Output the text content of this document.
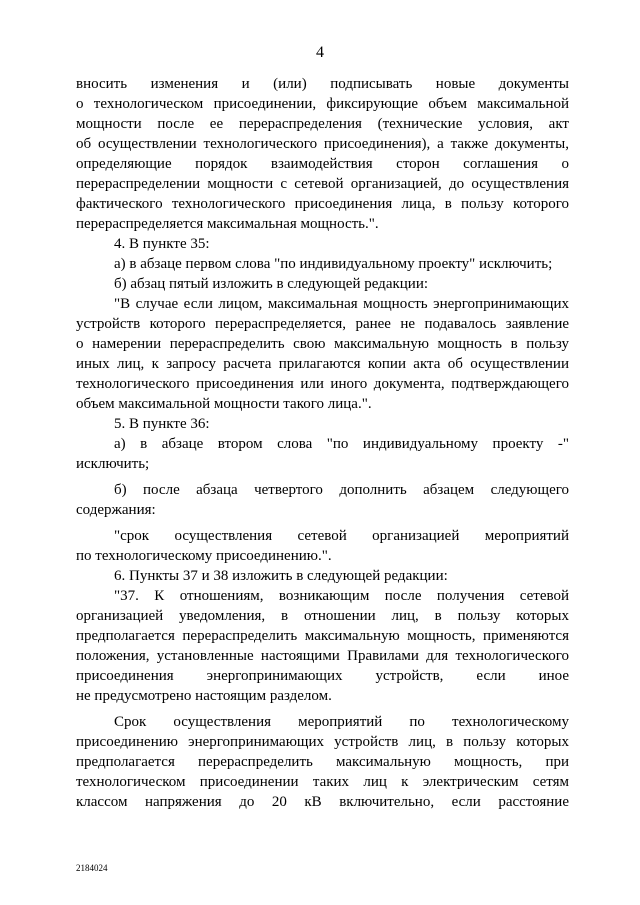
4

вносить изменения и (или) подписывать новые документы

о технологическом присоединении, фиксирующие объем максимальной

мощности после ее перераспределения (технические условия, акт

об осуществлении технологического присоединения), а также документы,

определяющие порядок взаимодействия сторон соглашения о

перераспределении мощности с сетевой организацией, до осуществления

фактического технологического присоединения лица, в пользу которого

перераспределяется максимальная мощность.".

4. В пункте 35:

а) в абзаце первом слова "по индивидуальному проекту" исключить;

б) абзац пятый изложить в следующей редакции:

"В случае если лицом, максимальная мощность энергопринимающих

устройств которого перераспределяется, ранее не подавалось заявление

о намерении перераспределить свою максимальную мощность в пользу

иных лиц, к запросу расчета прилагаются копии акта об осуществлении

технологического присоединения или иного документа, подтверждающего

объем максимальной мощности такого лица.".

5. В пункте 36:

а) в абзаце втором слова "по индивидуальному проекту -"

исключить;

б) после абзаца четвертого дополнить абзацем следующего

содержания:

"срок осуществления сетевой организацией мероприятий

по технологическому присоединению.".

6. Пункты 37 и 38 изложить в следующей редакции:

"37. К отношениям, возникающим после получения сетевой

организацией уведомления, в отношении лиц, в пользу которых

предполагается перераспределить максимальную мощность, применяются

положения, установленные настоящими Правилами для технологического

присоединения энергопринимающих устройств, если иное

не предусмотрено настоящим разделом.

Срок осуществления мероприятий по технологическому

присоединению энергопринимающих устройств лиц, в пользу которых

предполагается перераспределить максимальную мощность, при

технологическом присоединении таких лиц к электрическим сетям

классом напряжения до 20 кВ включительно, если расстояние

2184024
